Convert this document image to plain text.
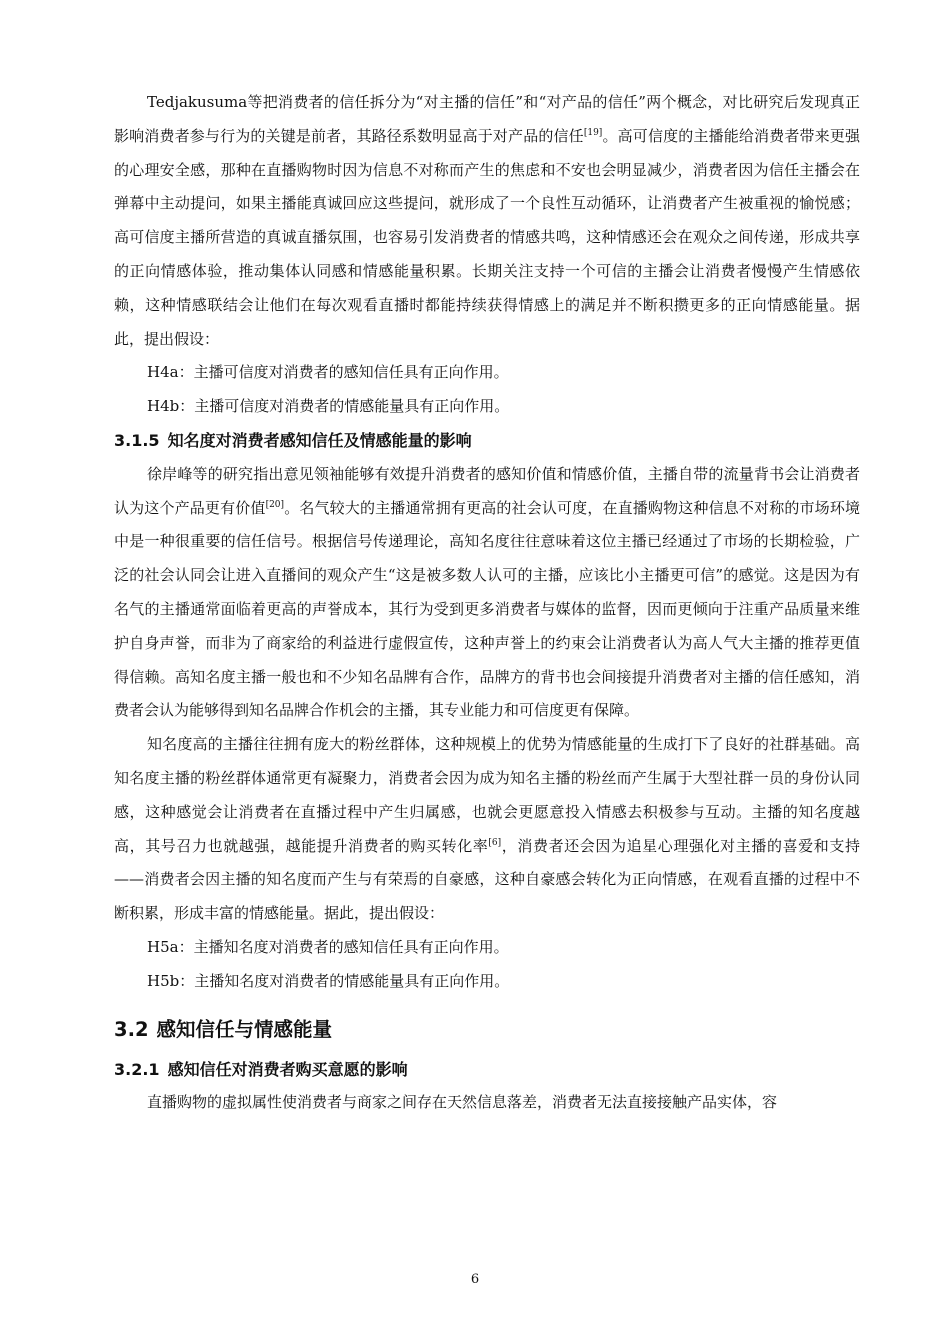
Tedjakusuma等把消费者的信任拆分为“对主播的信任”和“对产品的信任”两个概念，对比研究后发现真正影响消费者参与行为的关键是前者，其路径系数明显高于对产品的信任[19]。高可信度的主播能给消费者带来更强的心理安全感，那种在直播购物时因为信息不对称而产生的焦虑和不安也会明显减少，消费者因为信任主播会在弹幕中主动提问，如果主播能真诚回应这些提问，就形成了一个良性互动循环，让消费者产生被重视的愉悦感；高可信度主播所营造的真诚直播氛围，也容易引发消费者的情感共鸣，这种情感还会在观众之间传递，形成共享的正向情感体验，推动集体认同感和情感能量积累。长期关注支持一个可信的主播会让消费者慢慢产生情感依赖，这种情感联结会让他们在每次观看直播时都能持续获得情感上的满足并不断积攒更多的正向情感能量。据此，提出假设：

H4a：主播可信度对消费者的感知信任具有正向作用。

H4b：主播可信度对消费者的情感能量具有正向作用。

3.1.5 知名度对消费者感知信任及情感能量的影响

徐岸峰等的研究指出意见领袖能够有效提升消费者的感知价值和情感价值，主播自带的流量背书会让消费者认为这个产品更有价值[20]。名气较大的主播通常拥有更高的社会认可度，在直播购物这种信息不对称的市场环境中是一种很重要的信任信号。根据信号传递理论，高知名度往往意味着这位主播已经通过了市场的长期检验，广泛的社会认同会让进入直播间的观众产生“这是被多数人认可的主播，应该比小主播更可信”的感觉。这是因为有名气的主播通常面临着更高的声誉成本，其行为受到更多消费者与媒体的监督，因而更倾向于注重产品质量来维护自身声誉，而非为了商家给的利益进行虚假宣传，这种声誉上的约束会让消费者认为高人气大主播的推荐更值得信赖。高知名度主播一般也和不少知名品牌有合作，品牌方的背书也会间接提升消费者对主播的信任感知，消费者会认为能够得到知名品牌合作机会的主播，其专业能力和可信度更有保障。

知名度高的主播往往拥有庞大的粉丝群体，这种规模上的优势为情感能量的生成打下了良好的社群基础。高知名度主播的粉丝群体通常更有凝聚力，消费者会因为成为知名主播的粉丝而产生属于大型社群一员的身份认同感，这种感觉会让消费者在直播过程中产生归属感，也就会更愿意投入情感去积极参与互动。主播的知名度越高，其号召力也就越强，越能提升消费者的购买转化率[6]，消费者还会因为追星心理强化对主播的喜爱和支持——消费者会因主播的知名度而产生与有荣焉的自豪感，这种自豪感会转化为正向情感，在观看直播的过程中不断积累，形成丰富的情感能量。据此，提出假设：

H5a：主播知名度对消费者的感知信任具有正向作用。

H5b：主播知名度对消费者的情感能量具有正向作用。

3.2 感知信任与情感能量

3.2.1 感知信任对消费者购买意愿的影响

直播购物的虚拟属性使消费者与商家之间存在天然信息落差，消费者无法直接接触产品实体，容

6
